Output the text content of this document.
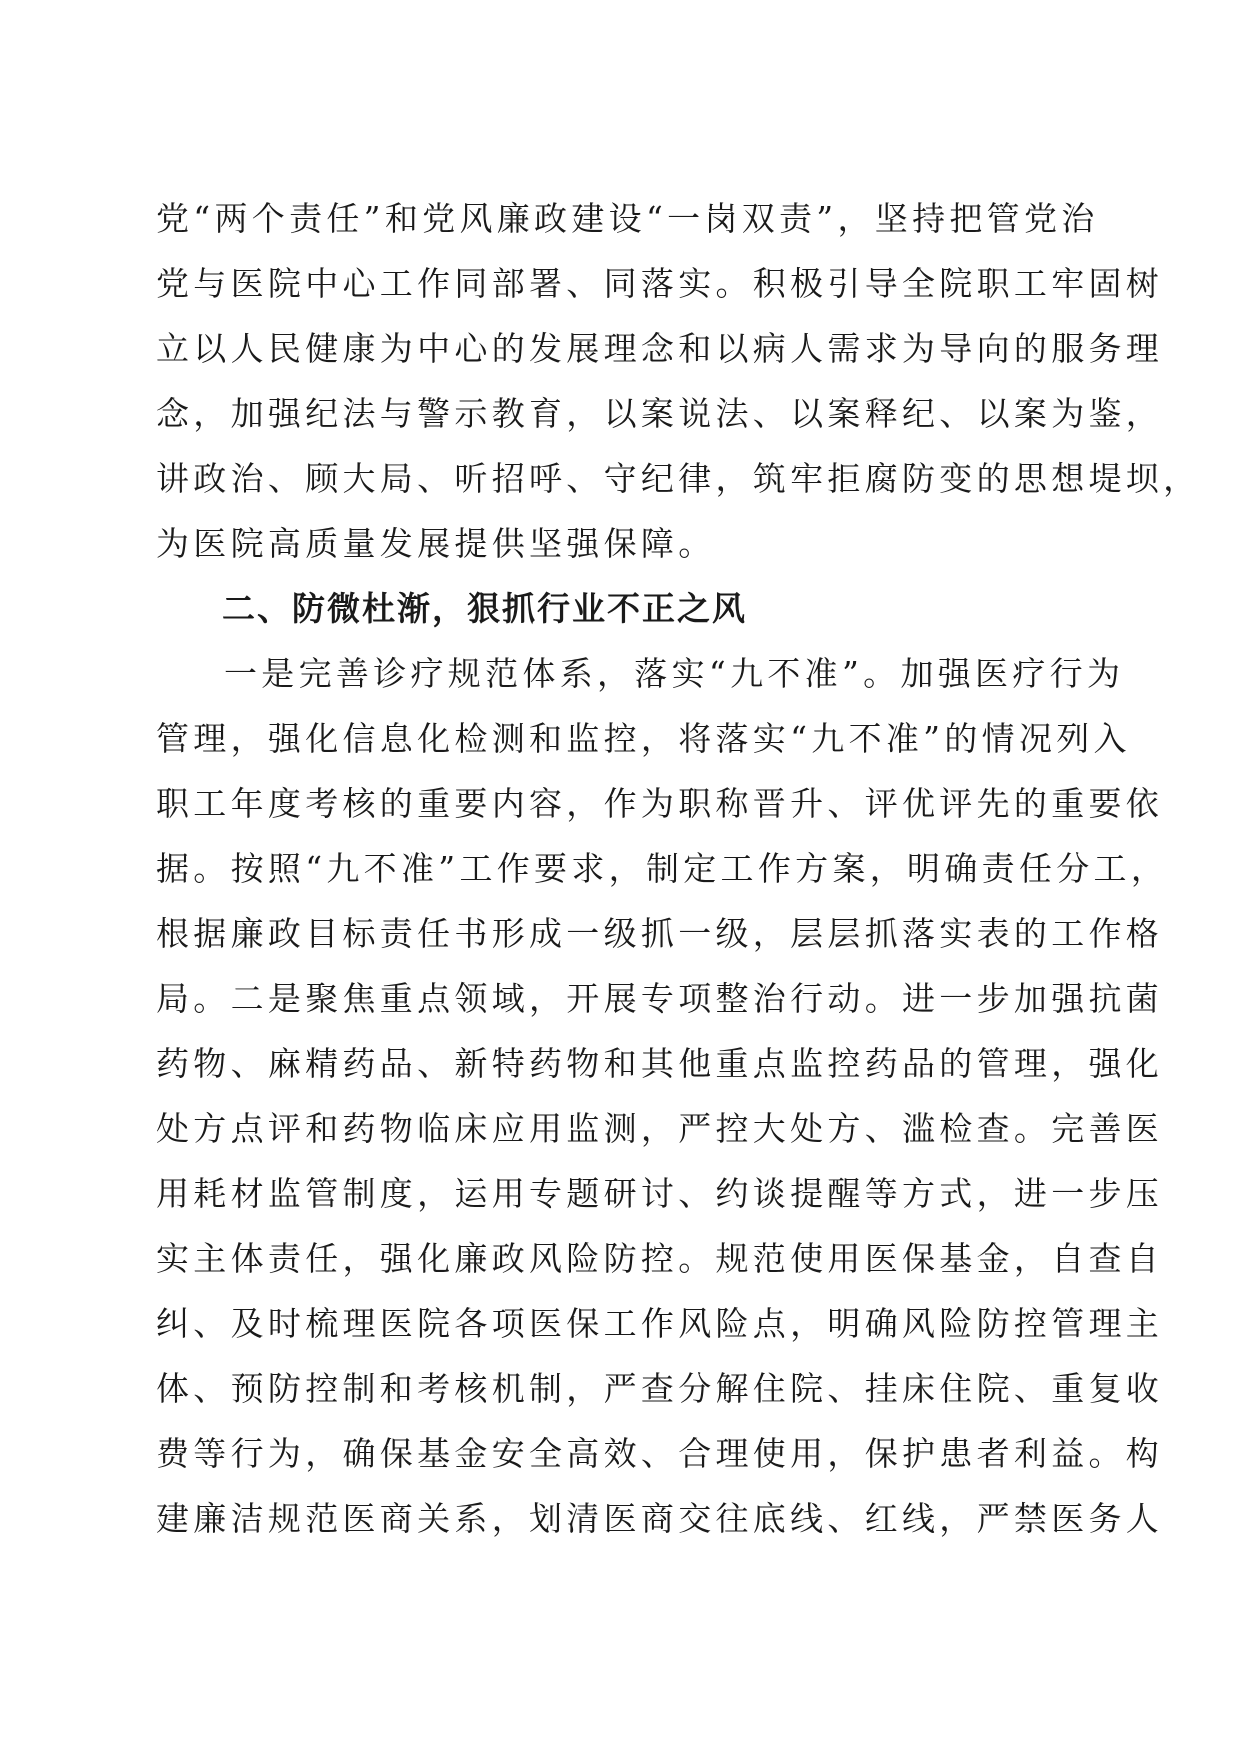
党“两个责任”和党风廉政建设“一岗双责”，坚持把管党治
党与医院中心工作同部署、同落实。积极引导全院职工牢固树
立以人民健康为中心的发展理念和以病人需求为导向的服务理
念，加强纪法与警示教育，以案说法、以案释纪、以案为鉴，
讲政治、顾大局、听招呼、守纪律，筑牢拒腐防变的思想堤坝，
为医院高质量发展提供坚强保障。
二、防微杜渐，狠抓行业不正之风
一是完善诊疗规范体系，落实“九不准”。加强医疗行为
管理，强化信息化检测和监控，将落实“九不准”的情况列入
职工年度考核的重要内容，作为职称晋升、评优评先的重要依
据。按照“九不准”工作要求，制定工作方案，明确责任分工，
根据廉政目标责任书形成一级抓一级，层层抓落实表的工作格
局。二是聚焦重点领域，开展专项整治行动。进一步加强抗菌
药物、麻精药品、新特药物和其他重点监控药品的管理，强化
处方点评和药物临床应用监测，严控大处方、滥检查。完善医
用耗材监管制度，运用专题研讨、约谈提醒等方式，进一步压
实主体责任，强化廉政风险防控。规范使用医保基金，自查自
纠、及时梳理医院各项医保工作风险点，明确风险防控管理主
体、预防控制和考核机制，严查分解住院、挂床住院、重复收
费等行为，确保基金安全高效、合理使用，保护患者利益。构
建廉洁规范医商关系，划清医商交往底线、红线，严禁医务人
